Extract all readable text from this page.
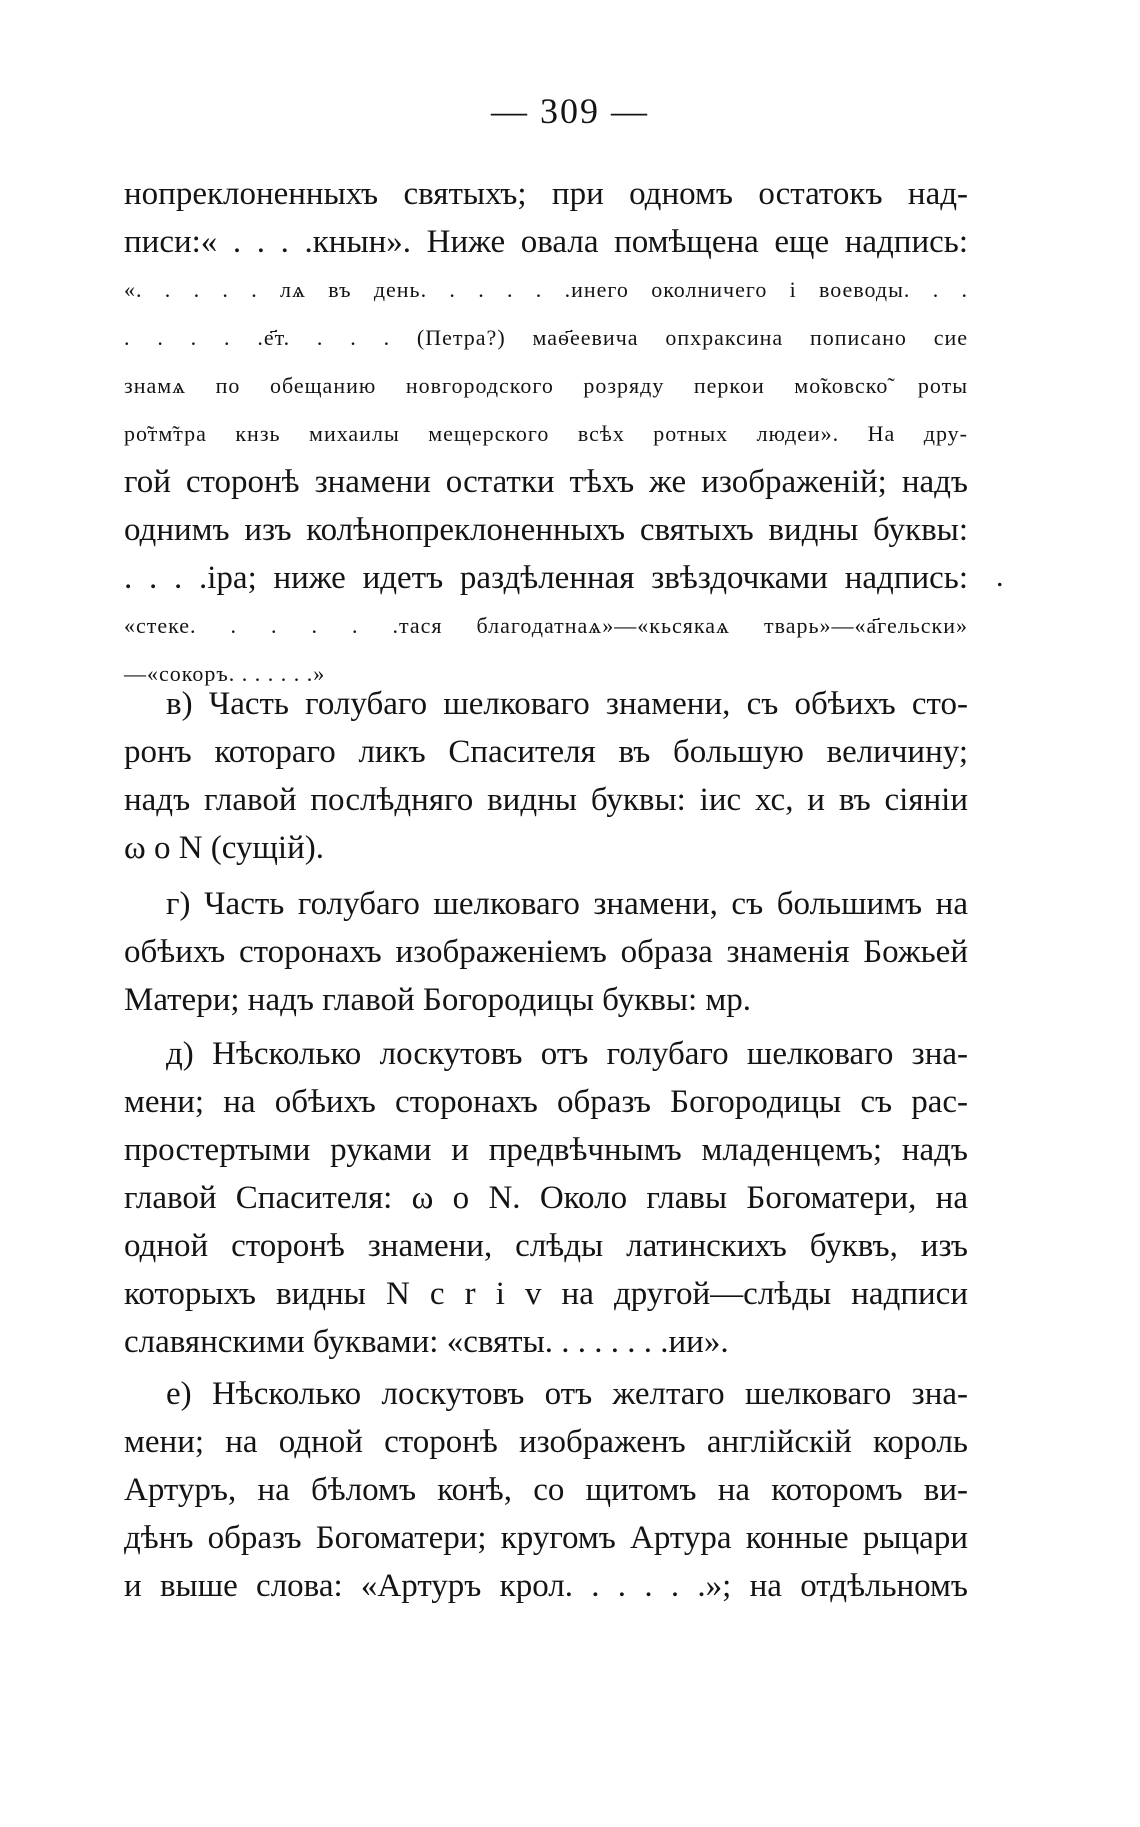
— 309 —
нопреклоненныхъ святыхъ; при одномъ остатокъ над-
писи:« . . . .кнын». Ниже овала помѣщена еще надпись:
«. . . . . лѧ въ день. . . . . .инего околничего і воеводы. . .
. . . . .е҃т. . . . (Петра?) маѳ҃еевича опхраксина пописано сие
знамѧ по обещанию новгородского розряду перкои мо̃ковско̃ роты
ро̃тм̃тра кнзь михаилы мещерского всѣх ротных людеи». На дру-
гой сторонѣ знамени остатки тѣхъ же изображеній; надъ
однимъ изъ колѣнопреклоненныхъ святыхъ видны буквы:
. . . .іра; ниже идетъ раздѣленная звѣздочками надпись:
«стеке. . . . . .тася благодатнаѧ»—«кьсякаѧ тварь»—«а҃гельски»
—«сокоръ. . . . . . .»
.
в) Часть голубаго шелковаго знамени, съ обѣихъ сто-
ронъ котораго ликъ Спасителя въ большую величину;
надъ главой послѣдняго видны буквы: іис хс, и въ сіяніи
ω ο N (сущій).
г) Часть голубаго шелковаго знамени, съ большимъ на
обѣихъ сторонахъ изображеніемъ образа знаменія Божьей
Матери; надъ главой Богородицы буквы: мр.
д) Нѣсколько лоскутовъ отъ голубаго шелковаго зна-
мени; на обѣихъ сторонахъ образъ Богородицы съ рас-
простертыми руками и предвѣчнымъ младенцемъ; надъ
главой Спасителя: ω ο N. Около главы Богоматери, на
одной сторонѣ знамени, слѣды латинскихъ буквъ, изъ
которыхъ видны N c r i v на другой—слѣды надписи
славянскими буквами: «святы. . . . . . . .ии».
е) Нѣсколько лоскутовъ отъ желтаго шелковаго зна-
мени; на одной сторонѣ изображенъ англійскій король
Артуръ, на бѣломъ конѣ, со щитомъ на которомъ ви-
дѣнъ образъ Богоматери; кругомъ Артура конные рыцари
и выше слова: «Артуръ крол. . . . . .»; на отдѣльномъ
